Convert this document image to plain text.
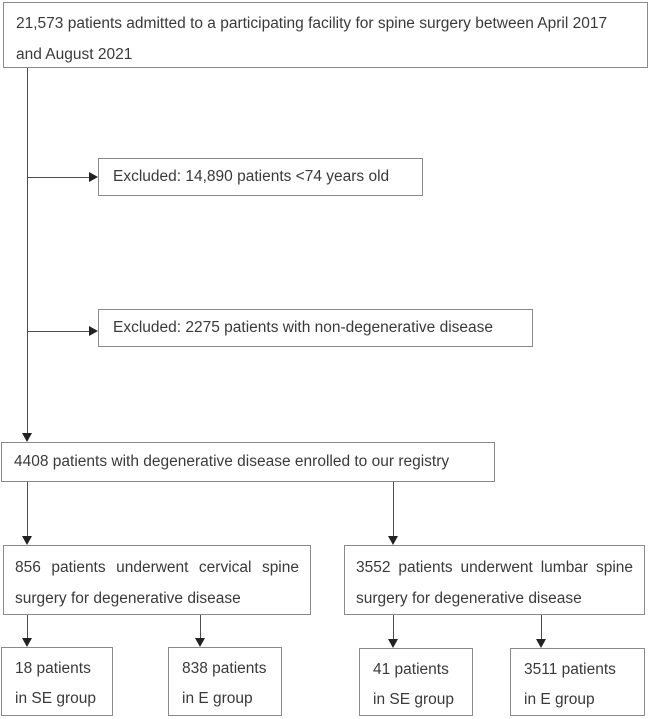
21,573 patients admitted to a participating facility for spine surgery between April 2017
and August 2021
Excluded: 14,890 patients <74 years old
Excluded: 2275 patients with non-degenerative disease
4408 patients with degenerative disease enrolled to our registry
856 patients underwent cervical spine
surgery for degenerative disease
3552 patients underwent lumbar spine
surgery for degenerative disease
18 patients
in SE group
838 patients
in E group
41 patients
in SE group
3511 patients
in E group
